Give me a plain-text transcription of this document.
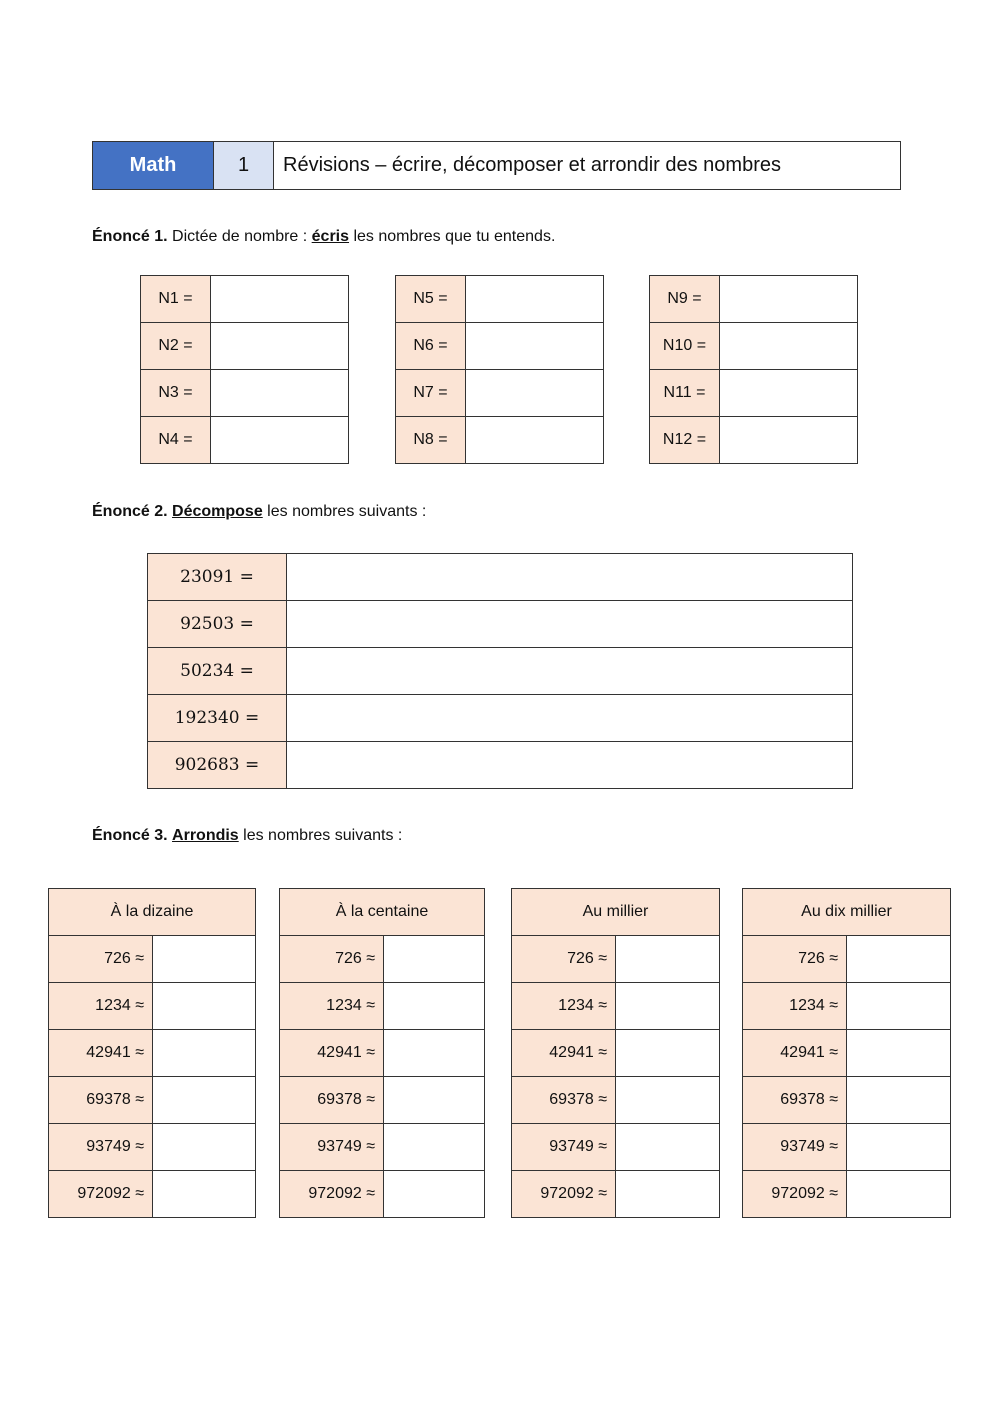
Math	1	Révisions – écrire, décomposer et arrondir des nombres
Énoncé 1. Dictée de nombre : écris les nombres que tu entends.
N1 =	
N2 =	
N3 =	
N4 =	
N5 =	
N6 =	
N7 =	
N8 =	
N9 =	
N10 =	
N11 =	
N12 =	
Énoncé 2. Décompose les nombres suivants :
23091 =	
92503 =	
50234 =	
192340 =	
902683 =	
Énoncé 3. Arrondis les nombres suivants :
À la dizaine	
726 ≈	
1234 ≈	
42941 ≈	
69378 ≈	
93749 ≈	
972092 ≈	
À la centaine	
726 ≈	
1234 ≈	
42941 ≈	
69378 ≈	
93749 ≈	
972092 ≈	
Au millier	
726 ≈	
1234 ≈	
42941 ≈	
69378 ≈	
93749 ≈	
972092 ≈	
Au dix millier	
726 ≈	
1234 ≈	
42941 ≈	
69378 ≈	
93749 ≈	
972092 ≈	
